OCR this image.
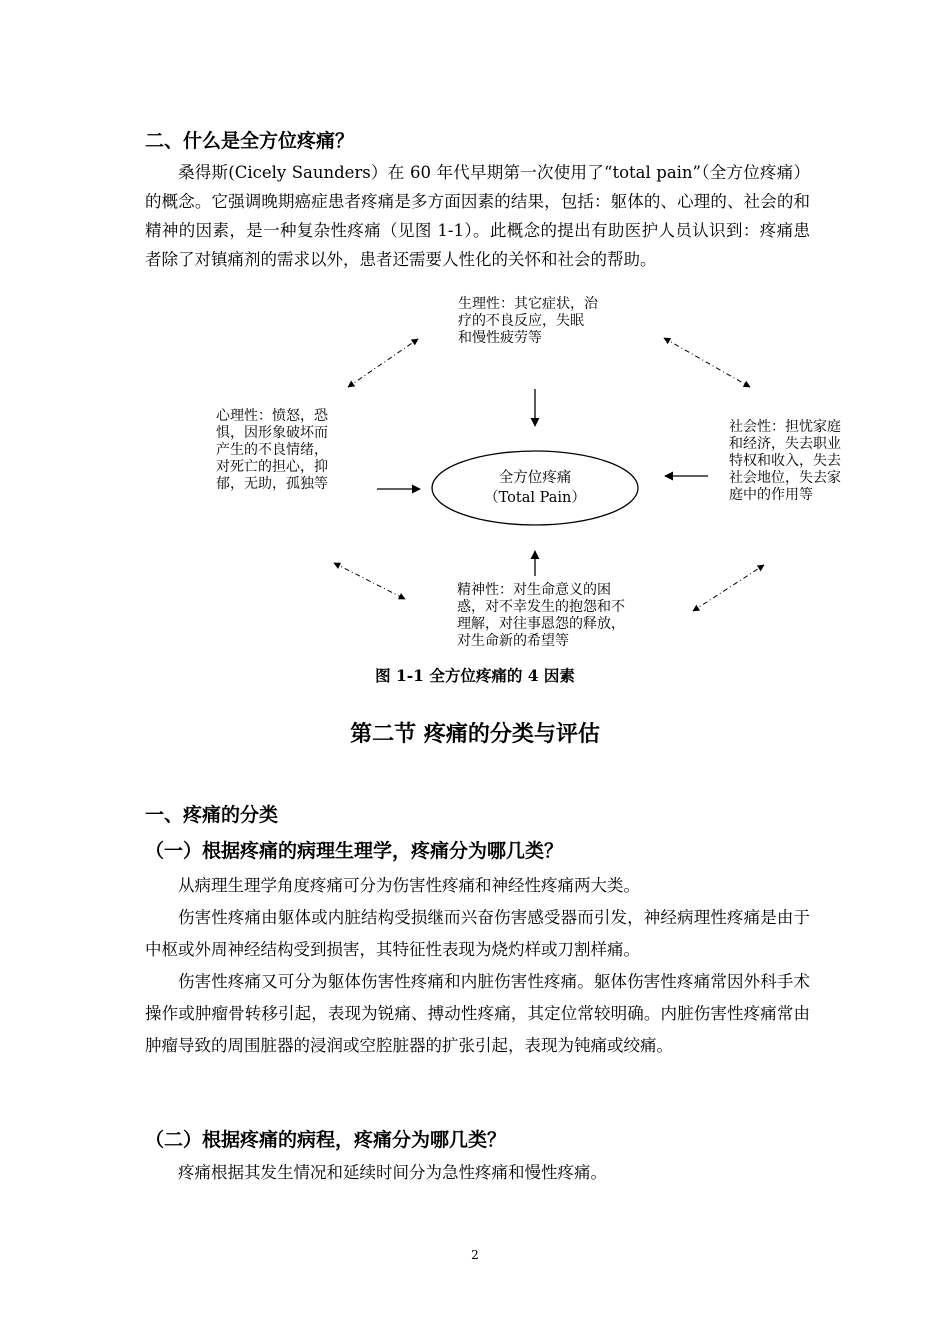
二、什么是全方位疼痛？

桑得斯(Cicely Saunders）在 60 年代早期第一次使用了“total pain”（全方位疼痛）的概念。它强调晚期癌症患者疼痛是多方面因素的结果，包括：躯体的、心理的、社会的和精神的因素，是一种复杂性疼痛（见图 1-1）。此概念的提出有助医护人员认识到：疼痛患者除了对镇痛剂的需求以外，患者还需要人性化的关怀和社会的帮助。

生理性：其它症状，治
疗的不良反应，失眠
和慢性疲劳等
心理性：愤怒，恐
惧，因形象破坏而
产生的不良情绪，
对死亡的担心，抑
郁，无助，孤独等
社会性：担忧家庭
和经济，失去职业
特权和收入，失去
社会地位，失去家
庭中的作用等
精神性：对生命意义的困
惑，对不幸发生的抱怨和不
理解，对往事恩怨的释放，
对生命新的希望等
全方位疼痛
（Total Pain）
图 1-1 全方位疼痛的 4 因素
第二节 疼痛的分类与评估
一、疼痛的分类
（一）根据疼痛的病理生理学，疼痛分为哪几类？

从病理生理学角度疼痛可分为伤害性疼痛和神经性疼痛两大类。

伤害性疼痛由躯体或内脏结构受损继而兴奋伤害感受器而引发，神经病理性疼痛是由于中枢或外周神经结构受到损害，其特征性表现为烧灼样或刀割样痛。

伤害性疼痛又可分为躯体伤害性疼痛和内脏伤害性疼痛。躯体伤害性疼痛常因外科手术操作或肿瘤骨转移引起，表现为锐痛、搏动性疼痛，其定位常较明确。内脏伤害性疼痛常由肿瘤导致的周围脏器的浸润或空腔脏器的扩张引起，表现为钝痛或绞痛。

（二）根据疼痛的病程，疼痛分为哪几类？

疼痛根据其发生情况和延续时间分为急性疼痛和慢性疼痛。

2
